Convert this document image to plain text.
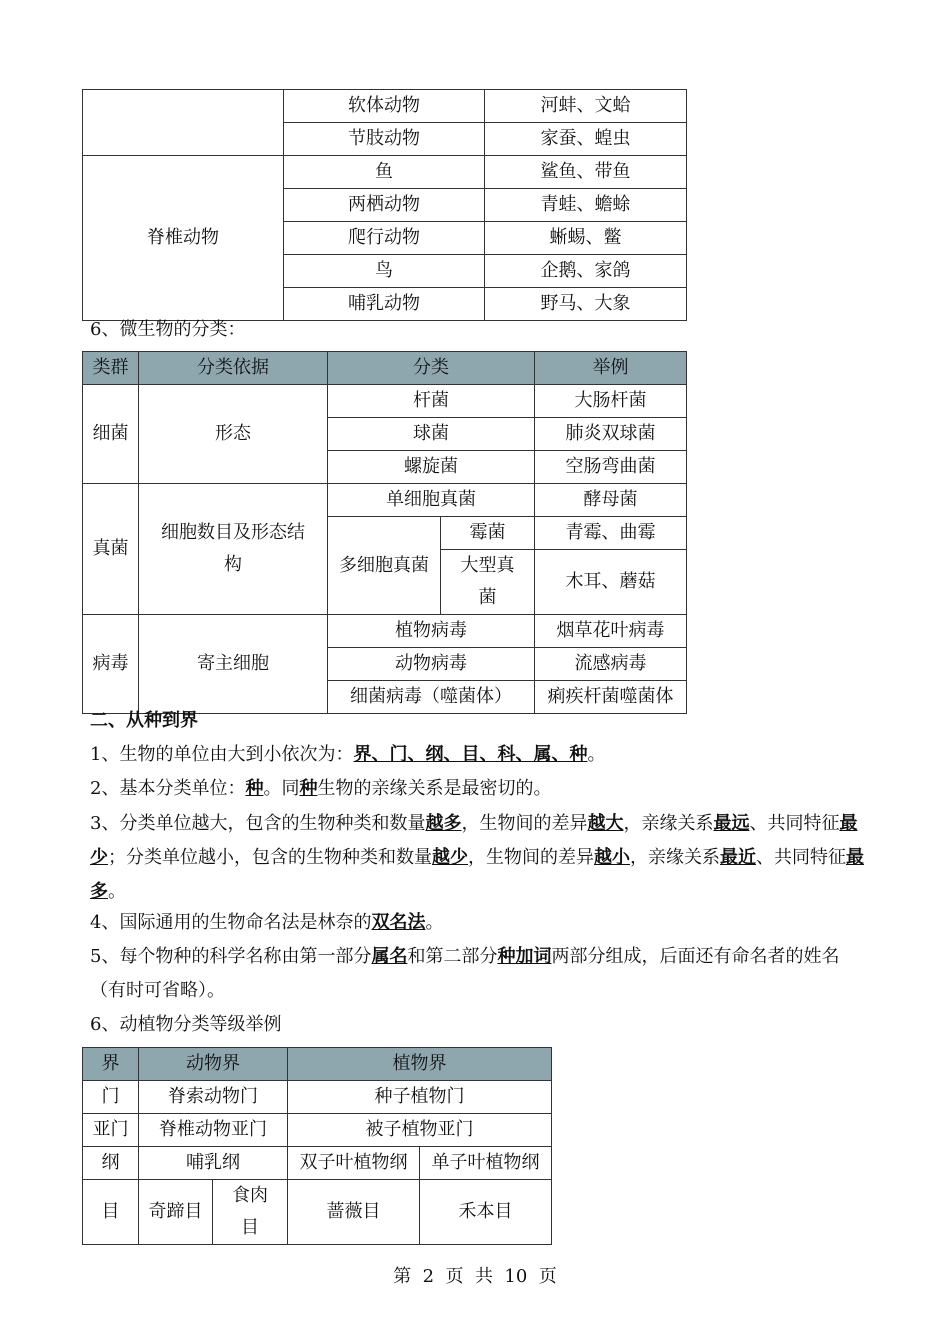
	软体动物	河蚌、文蛤
	节肢动物	家蚕、蝗虫
脊椎动物	鱼	鲨鱼、带鱼
	两栖动物	青蛙、蟾蜍
	爬行动物	蜥蜴、鳖
	鸟	企鹅、家鸽
	哺乳动物	野马、大象
6、微生物的分类：
类群	分类依据	分类		举例
细菌	形态	杆菌		大肠杆菌
		球菌		肺炎双球菌
		螺旋菌		空肠弯曲菌
真菌	细胞数目及形态结构	单细胞真菌		酵母菌
		多细胞真菌	霉菌	青霉、曲霉
			大型真菌	木耳、蘑菇
病毒	寄主细胞	植物病毒		烟草花叶病毒
		动物病毒		流感病毒
		细菌病毒（噬菌体）		痢疾杆菌噬菌体
二、从种到界
1、生物的单位由大到小依次为：界、门、纲、目、科、属、种。
2、基本分类单位：种。同种生物的亲缘关系是最密切的。
3、分类单位越大，包含的生物种类和数量越多，生物间的差异越大，亲缘关系最远、共同特征最少；分类单位越小，包含的生物种类和数量越少，生物间的差异越小，亲缘关系最近、共同特征最多。
4、国际通用的生物命名法是林奈的双名法。
5、每个物种的科学名称由第一部分属名和第二部分种加词两部分组成，后面还有命名者的姓名（有时可省略）。
6、动植物分类等级举例
界	动物界		植物界	
门	脊索动物门		种子植物门	
亚门	脊椎动物亚门		被子植物亚门	
纲	哺乳纲		双子叶植物纲	单子叶植物纲
目	奇蹄目	食肉目	蔷薇目	禾本目
第  2  页  共  10  页
